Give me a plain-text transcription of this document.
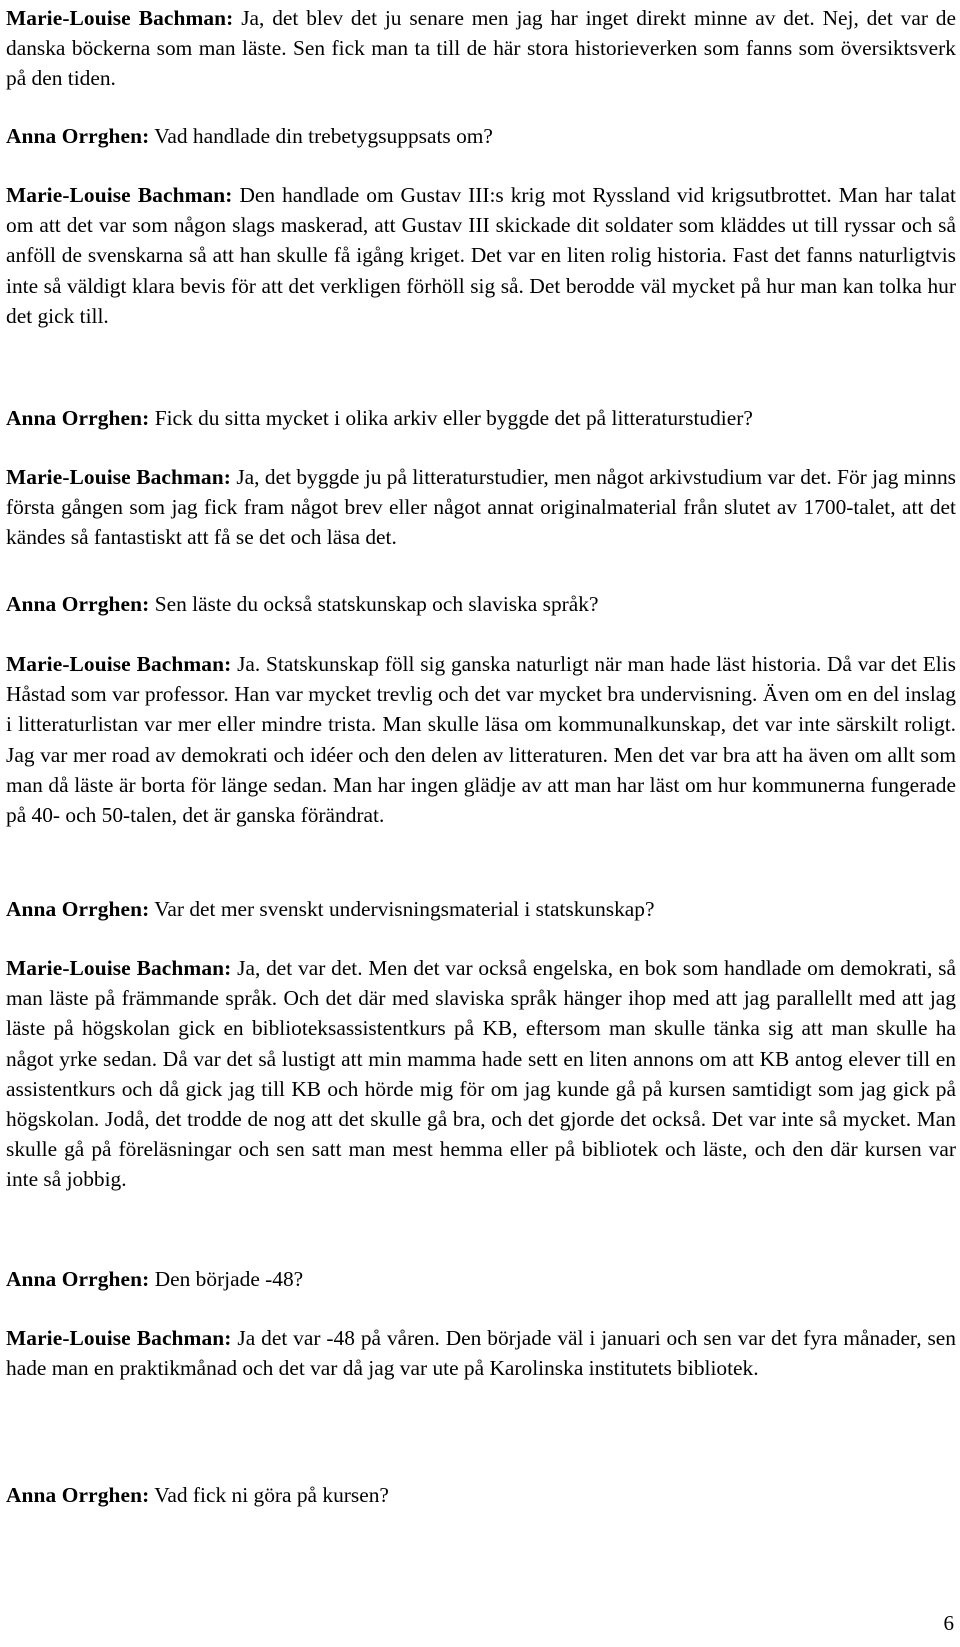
Marie-Louise Bachman: Ja, det blev det ju senare men jag har inget direkt minne av det. Nej, det var de danska böckerna som man läste. Sen fick man ta till de här stora historieverken som fanns som översiktsverk på den tiden.

Anna Orrghen: Vad handlade din trebetygsuppsats om?

Marie-Louise Bachman: Den handlade om Gustav III:s krig mot Ryssland vid krigsutbrottet. Man har talat om att det var som någon slags maskerad, att Gustav III skickade dit soldater som kläddes ut till ryssar och så anföll de svenskarna så att han skulle få igång kriget. Det var en liten rolig historia. Fast det fanns naturligtvis inte så väldigt klara bevis för att det verkligen förhöll sig så. Det berodde väl mycket på hur man kan tolka hur det gick till.

Anna Orrghen: Fick du sitta mycket i olika arkiv eller byggde det på litteraturstudier?

Marie-Louise Bachman: Ja, det byggde ju på litteraturstudier, men något arkivstudium var det. För jag minns första gången som jag fick fram något brev eller något annat originalmaterial från slutet av 1700-talet, att det kändes så fantastiskt att få se det och läsa det.

Anna Orrghen: Sen läste du också statskunskap och slaviska språk?

Marie-Louise Bachman: Ja. Statskunskap föll sig ganska naturligt när man hade läst historia. Då var det Elis Håstad som var professor. Han var mycket trevlig och det var mycket bra undervisning. Även om en del inslag i litteraturlistan var mer eller mindre trista. Man skulle läsa om kommunalkunskap, det var inte särskilt roligt. Jag var mer road av demokrati och idéer och den delen av litteraturen. Men det var bra att ha även om allt som man då läste är borta för länge sedan. Man har ingen glädje av att man har läst om hur kommunerna fungerade på 40- och 50-talen, det är ganska förändrat.

Anna Orrghen: Var det mer svenskt undervisningsmaterial i statskunskap?

Marie-Louise Bachman: Ja, det var det. Men det var också engelska, en bok som handlade om demokrati, så man läste på främmande språk. Och det där med slaviska språk hänger ihop med att jag parallellt med att jag läste på högskolan gick en biblioteksassistentkurs på KB, eftersom man skulle tänka sig att man skulle ha något yrke sedan. Då var det så lustigt att min mamma hade sett en liten annons om att KB antog elever till en assistentkurs och då gick jag till KB och hörde mig för om jag kunde gå på kursen samtidigt som jag gick på högskolan. Jodå, det trodde de nog att det skulle gå bra, och det gjorde det också. Det var inte så mycket. Man skulle gå på föreläsningar och sen satt man mest hemma eller på bibliotek och läste, och den där kursen var inte så jobbig.

Anna Orrghen: Den började -48?

Marie-Louise Bachman: Ja det var -48 på våren. Den började väl i januari och sen var det fyra månader, sen hade man en praktikmånad och det var då jag var ute på Karolinska institutets bibliotek.

Anna Orrghen: Vad fick ni göra på kursen?

6
